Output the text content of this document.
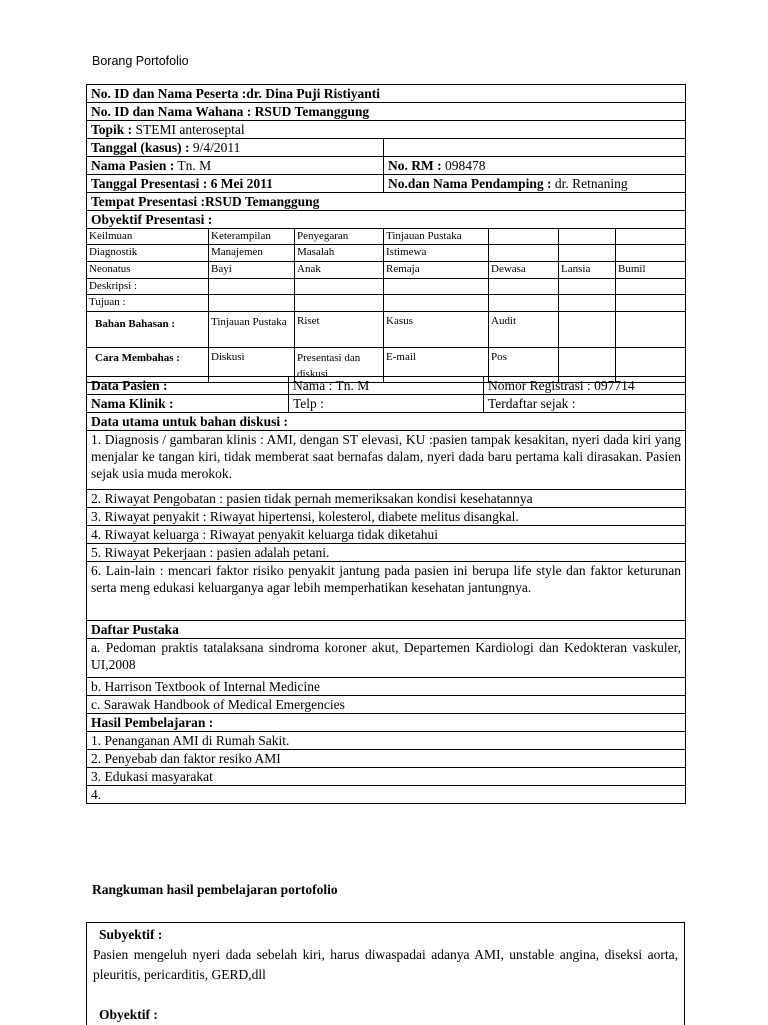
Borang Portofolio
No. ID dan Nama Peserta :dr. Dina Puji Ristiyanti						
No. ID dan Nama Wahana : RSUD Temanggung						
Topik : STEMI anteroseptal						
Tanggal (kasus) : 9/4/2011						
Nama Pasien : Tn. M			No. RM : 098478			
Tanggal Presentasi : 6 Mei 2011			No.dan Nama Pendamping : dr. Retnaning			
Tempat Presentasi :RSUD Temanggung						
Obyektif Presentasi :						
Keilmuan	Keterampilan	Penyegaran	Tinjauan Pustaka			
Diagnostik	Manajemen	Masalah	Istimewa			
Neonatus	Bayi	Anak	Remaja	Dewasa	Lansia	Bumil
Deskripsi :						
Tujuan :						
Bahan Bahasan :	Tinjauan Pustaka	Riset	Kasus	Audit		
Cara Membahas :	Diskusi	Presentasi dan diskusi	E-mail	Pos		
Data Pasien :	Nama : Tn. M	Nomor Registrasi : 097714
Nama Klinik :	Telp :	Terdaftar sejak :
Data utama untuk bahan diskusi :		
1. Diagnosis / gambaran klinis : AMI, dengan ST elevasi, KU :pasien tampak kesakitan, nyeri dada kiri yang menjalar ke tangan kiri, tidak memberat saat bernafas dalam, nyeri dada baru pertama kali dirasakan. Pasien sejak usia muda merokok.		
2. Riwayat Pengobatan : pasien tidak pernah memeriksakan kondisi kesehatannya		
3. Riwayat penyakit : Riwayat hipertensi, kolesterol, diabete melitus disangkal.		
4. Riwayat keluarga : Riwayat penyakit keluarga tidak diketahui		
5. Riwayat Pekerjaan : pasien adalah petani.		
6. Lain-lain : mencari faktor risiko penyakit jantung pada pasien ini berupa life style dan faktor keturunan serta meng edukasi keluarganya agar lebih memperhatikan kesehatan jantungnya.		
Daftar Pustaka		
a. Pedoman praktis tatalaksana sindroma koroner akut, Departemen Kardiologi dan Kedokteran vaskuler, UI,2008		
b. Harrison Textbook of Internal Medicine		
c. Sarawak Handbook of Medical Emergencies		
Hasil Pembelajaran :		
1. Penanganan AMI di Rumah Sakit.		
2. Penyebab dan faktor resiko AMI		
3. Edukasi masyarakat		
4.		
Rangkuman hasil pembelajaran portofolio
Subyektif :
Pasien mengeluh nyeri dada sebelah kiri, harus diwaspadai adanya AMI, unstable angina, diseksi aorta, pleuritis, pericarditis, GERD,dll
Obyektif :
